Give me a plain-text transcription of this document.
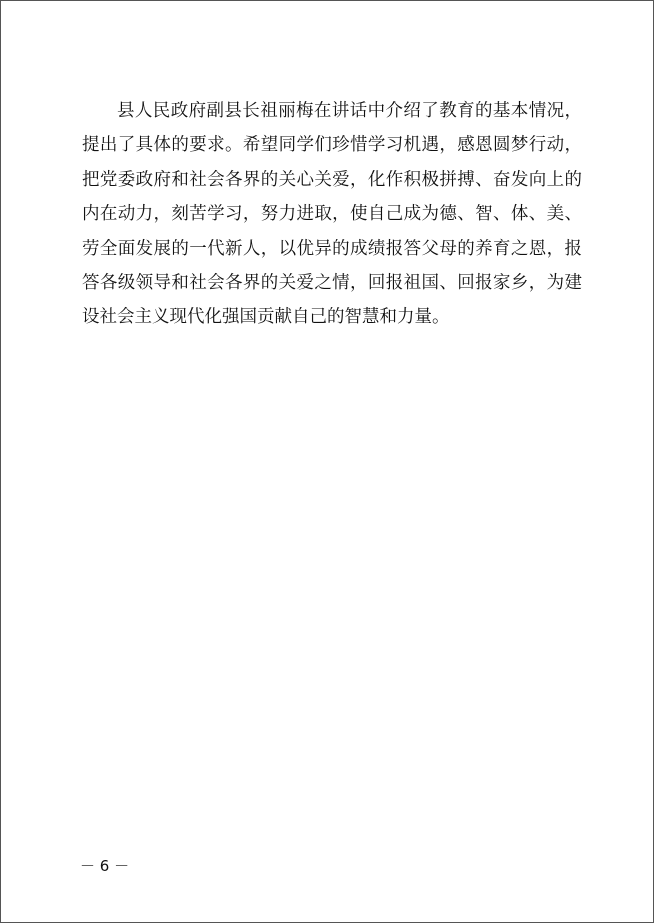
县人民政府副县长祖丽梅在讲话中介绍了教育的基本情况，
提出了具体的要求。希望同学们珍惜学习机遇，感恩圆梦行动，
把党委政府和社会各界的关心关爱，化作积极拼搏、奋发向上的
内在动力，刻苦学习，努力进取，使自己成为德、智、体、美、
劳全面发展的一代新人，以优异的成绩报答父母的养育之恩，报
答各级领导和社会各界的关爱之情，回报祖国、回报家乡，为建
设社会主义现代化强国贡献自己的智慧和力量。
－ 6 －
